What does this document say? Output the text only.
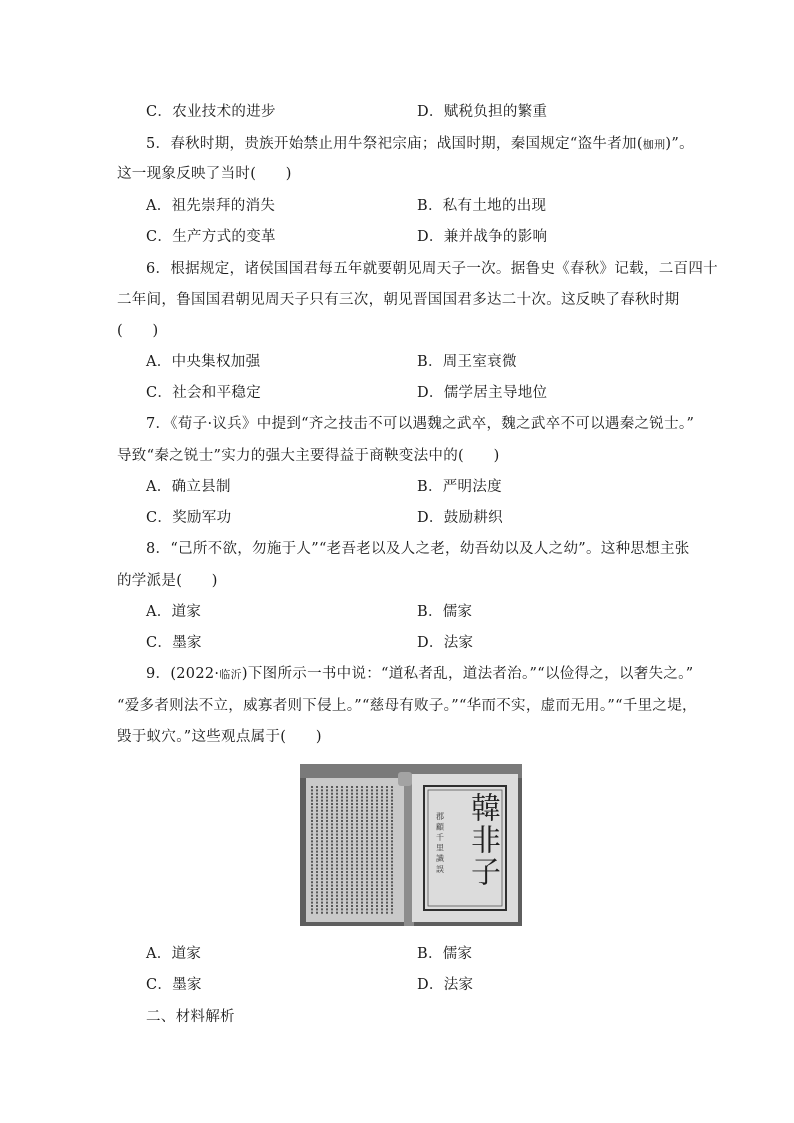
C．农业技术的进步	D．赋税负担的繁重
5．春秋时期，贵族开始禁止用牛祭祀宗庙；战国时期，秦国规定“盗牛者加(枷刑)”。
这一现象反映了当时(　　)
A．祖先崇拜的消失	B．私有土地的出现
C．生产方式的变革	D．兼并战争的影响
6．根据规定，诸侯国国君每五年就要朝见周天子一次。据鲁史《春秋》记载，二百四十
二年间，鲁国国君朝见周天子只有三次，朝见晋国国君多达二十次。这反映了春秋时期
(　　)
A．中央集权加强	B．周王室衰微
C．社会和平稳定	D．儒学居主导地位
7．《荀子·议兵》中提到“齐之技击不可以遇魏之武卒，魏之武卒不可以遇秦之锐士。”
导致“秦之锐士”实力的强大主要得益于商鞅变法中的(　　)
A．确立县制	B．严明法度
C．奖励军功	D．鼓励耕织
8．“己所不欲，勿施于人”“老吾老以及人之老，幼吾幼以及人之幼”。这种思想主张
的学派是(　　)
A．道家	B．儒家
C．墨家	D．法家
9．(2022·临沂)下图所示一书中说：“道私者乱，道法者治。”“以俭得之，以奢失之。”
“爱多者则法不立，威寡者则下侵上。”“慈母有败子。”“华而不实，虚而无用。”“千里之堤，
毁于蚁穴。”这些观点属于(　　)
郡 顧 千 里 識 誤 韓非子
A．道家	B．儒家
C．墨家	D．法家
二、材料解析
